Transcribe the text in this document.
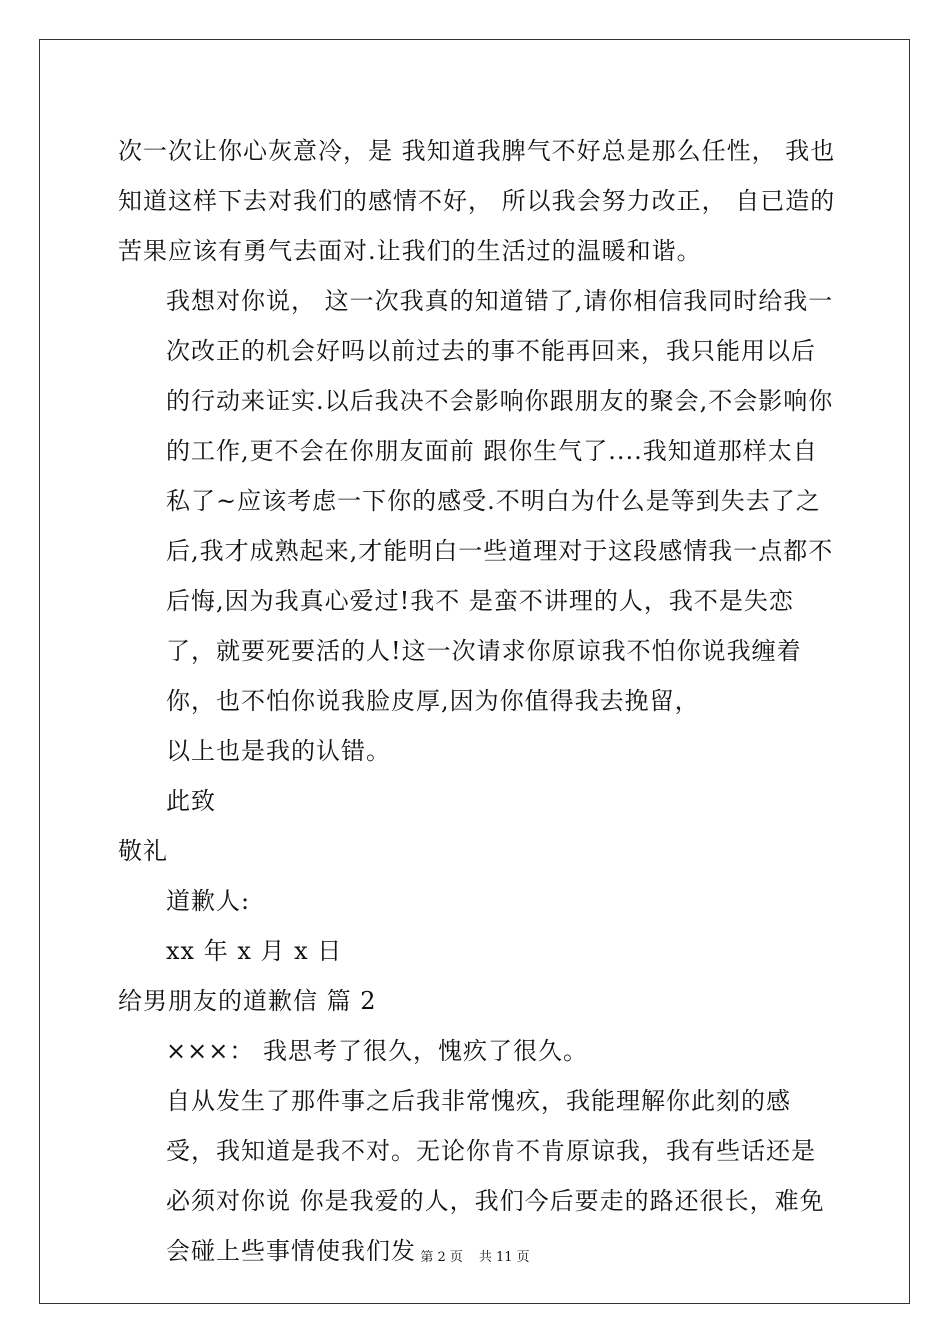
次一次让你心灰意冷，是 我知道我脾气不好总是那么任性， 我也知道这样下去对我们的感情不好， 所以我会努力改正， 自已造的苦果应该有勇气去面对.让我们的生活过的温暖和谐。

我想对你说， 这一次我真的知道错了,请你相信我同时给我一次改正的机会好吗以前过去的事不能再回来，我只能用以后 的行动来证实.以后我决不会影响你跟朋友的聚会,不会影响你的工作,更不会在你朋友面前 跟你生气了....我知道那样太自私了~应该考虑一下你的感受.不明白为什么是等到失去了之 后,我才成熟起来,才能明白一些道理对于这段感情我一点都不后悔,因为我真心爱过!我不 是蛮不讲理的人，我不是失恋了，就要死要活的人!这一次请求你原谅我不怕你说我缠着你，也不怕你说我脸皮厚,因为你值得我去挽留，

以上也是我的认错。

此致

敬礼

道歉人:

xx 年 x 月 x 日

给男朋友的道歉信 篇 2

×××： 我思考了很久，愧疚了很久。

自从发生了那件事之后我非常愧疚，我能理解你此刻的感受，我知道是我不对。无论你肯不肯原谅我，我有些话还是必须对你说 你是我爱的人，我们今后要走的路还很长，难免会碰上些事情使我们发 第 2 页 共 11 页
